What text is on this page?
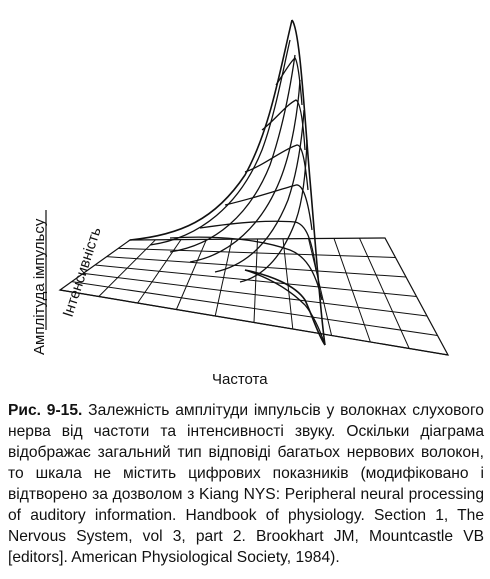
Амплітуда імпульсу Інтенсивність
Частота
Рис. 9-15. Залежність амплітуди імпульсів у волокнах слухового нерва від частоти та інтенсивності звуку. Оскільки діаграма відображає загальний тип відповіді багатьох нервових волокон, то шкала не містить цифрових показників (модифіковано і відтворено за дозволом з Kiang NYS: Peripheral neural processing of auditory information. Handbook of physiology. Section 1, The Nervous System, vol 3, part 2. Brookhart JM, Mountcastle VB [editors]. American Physiological Society, 1984).
